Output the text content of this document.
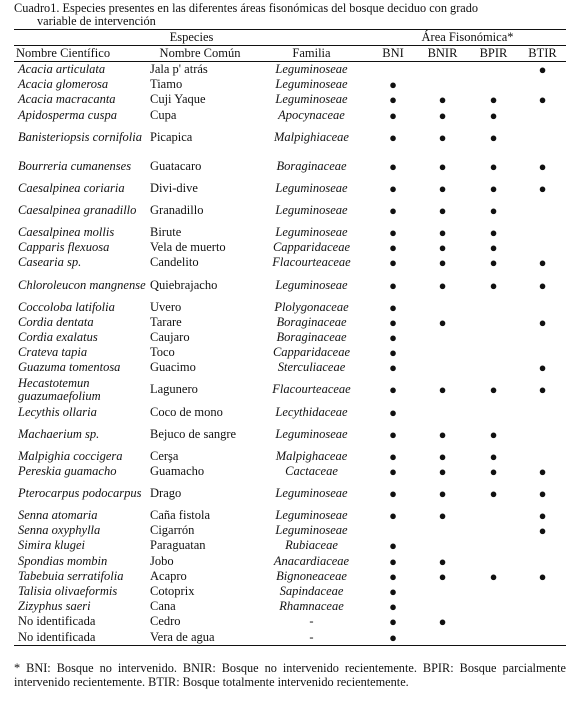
Cuadro1. Especies presentes en las diferentes áreas fisonómicas del bosque deciduo con grado
variable de intervención
Especies			Área Fisonómica*			
Nombre Científico	Nombre Común	Familia	BNI	BNIR	BPIR	BTIR
Acacia articulata	Jala p' atrás	Leguminoseae				●
Acacia glomerosa	Tiamo	Leguminoseae	●			
Acacia macracanta	Cuji Yaque	Leguminoseae	●	●	●	●
Apidosperma cuspa	Cupa	Apocynaceae	●	●	●	
Banisteriopsis cornifolia	Picapica	Malpighiaceae	●	●	●	
Bourreria cumanenses	Guatacaro	Boraginaceae	●	●	●	●
Caesalpinea coriaria	Divi-dive	Leguminoseae	●	●	●	●
Caesalpinea granadillo	Granadillo	Leguminoseae	●	●	●	
Caesalpinea mollis	Birute	Leguminoseae	●	●	●	
Capparis flexuosa	Vela de muerto	Capparidaceae	●	●	●	
Casearia sp.	Candelito	Flacourteaceae	●	●	●	●
Chloroleucon mangnense	Quiebrajacho	Leguminoseae	●	●	●	●
Coccoloba latifolia	Uvero	Plolygonaceae	●			
Cordia dentata	Tarare	Boraginaceae	●	●		●
Cordia exalatus	Caujaro	Boraginaceae	●			
Crateva tapia	Toco	Capparidaceae	●			
Guazuma tomentosa	Guacimo	Sterculiaceae	●			●
Hecastotemun guazumaefolium	Lagunero	Flacourteaceae	●	●	●	●
Lecythis ollaria	Coco de mono	Lecythidaceae	●			
Machaerium sp.	Bejuco de sangre	Leguminoseae	●	●	●	
Malpighia coccigera	Cerşa	Malpighaceae	●	●	●	
Pereskia guamacho	Guamacho	Cactaceae	●	●	●	●
Pterocarpus podocarpus	Drago	Leguminoseae	●	●	●	●
Senna atomaria	Caña fistola	Leguminoseae	●	●		●
Senna oxyphylla	Cigarrón	Leguminoseae				●
Simira klugei	Paraguatan	Rubiaceae	●			
Spondias mombin	Jobo	Anacardiaceae	●	●		
Tabebuia serratifolia	Acapro	Bignoneaceae	●	●	●	●
Talisia olivaeformis	Cotoprix	Sapindaceae	●			
Zizyphus saeri	Cana	Rhamnaceae	●			
No identificada	Cedro	-	●	●		
No identificada	Vera de agua	-	●			
* BNI: Bosque no intervenido. BNIR: Bosque no intervenido recientemente. BPIR: Bosque parcialmente intervenido recientemente. BTIR: Bosque totalmente intervenido recientemente.
